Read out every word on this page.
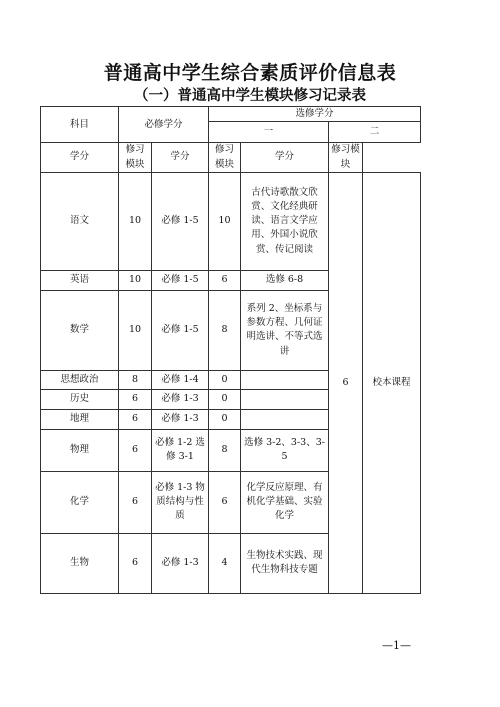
普通高中学生综合素质评价信息表
（一）普通高中学生模块修习记录表
科目	必修学分		选修学分			
			一		二	
学分	修习模块	学分	修习模块	学分	修习模块	
语文	10	必修 1-5	10	古代诗歌散文欣赏、文化经典研读、语言文学应用、外国小说欣赏、传记阅读	6	校本课程
英语	10	必修 1-5	6	选修 6-8		

数学	10	必修 1-5	8	系列 2、坐标系与参数方程、几何证明选讲、不等式选讲		

思想政治	8	必修 1-4	0			

历史	6	必修 1-3	0			

地理	6	必修 1-3	0			

物理	6	必修 1-2 选修 3-1	8	选修 3-2、3-3、3-5		

化学	6	必修 1-3 物质结构与性质	6	化学反应原理、有机化学基础、实验化学		

生物	6	必修 1-3	4	生物技术实践、现代生物科技专题		
—1—
